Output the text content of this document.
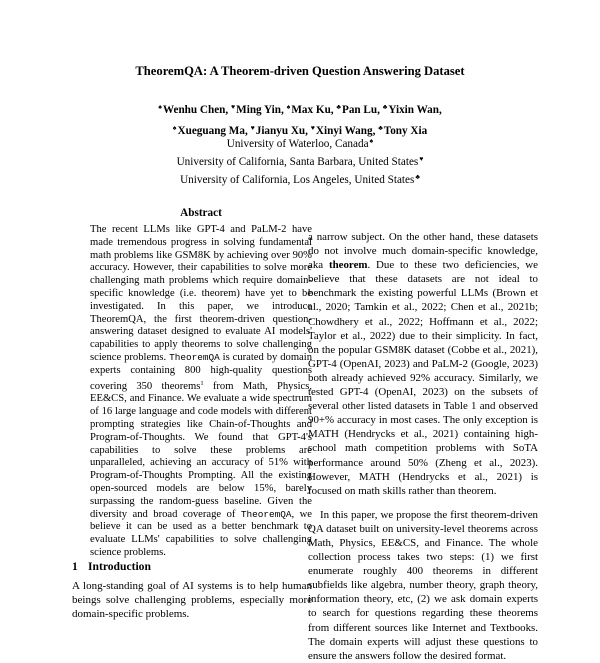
TheoremQA: A Theorem-driven Question Answering Dataset
♠Wenhu Chen, ♥Ming Yin, ♠Max Ku, ♣Pan Lu, ♣Yixin Wan,
♠Xueguang Ma, ♥Jianyu Xu, ♥Xinyi Wang, ♣Tony Xia
University of Waterloo, Canada♠
University of California, Santa Barbara, United States♥
University of California, Los Angeles, United States♣
Abstract
The recent LLMs like GPT-4 and PaLM-2 have made tremendous progress in solving fundamental math problems like GSM8K by achieving over 90% accuracy. However, their capabilities to solve more challenging math problems which require domain-specific knowledge (i.e. theorem) have yet to be investigated. In this paper, we introduce TheoremQA, the first theorem-driven question-answering dataset designed to evaluate AI models' capabilities to apply theorems to solve challenging science problems. TheoremQA is curated by domain experts containing 800 high-quality questions covering 350 theorems$^1$ from Math, Physics, EE&CS, and Finance. We evaluate a wide spectrum of 16 large language and code models with different prompting strategies like Chain-of-Thoughts and Program-of-Thoughts. We found that GPT-4's capabilities to solve these problems are unparalleled, achieving an accuracy of 51% with Program-of-Thoughts Prompting. All the existing open-sourced models are below 15%, barely surpassing the random-guess baseline. Given the diversity and broad coverage of TheoremQA, we believe it can be used as a better benchmark to evaluate LLMs' capabilities to solve challenging science problems.
1 Introduction
A long-standing goal of AI systems is to help human beings solve challenging problems, especially more domain-specific problems.

a narrow subject. On the other hand, these datasets do not involve much domain-specific knowledge, aka theorem. Due to these two deficiencies, we believe that these datasets are not ideal to benchmark the existing powerful LLMs (Brown et al., 2020; Tamkin et al., 2022; Chen et al., 2021b; Chowdhery et al., 2022; Hoffmann et al., 2022; Taylor et al., 2022) due to their simplicity. In fact, on the popular GSM8K dataset (Cobbe et al., 2021), GPT-4 (OpenAI, 2023) and PaLM-2 (Google, 2023) both already achieved 92% accuracy. Similarly, we tested GPT-4 (OpenAI, 2023) on the subsets of several other listed datasets in Table 1 and observed 90+% accuracy in most cases. The only exception is MATH (Hendrycks et al., 2021) containing high-school math competition problems with SoTA performance around 50% (Zheng et al., 2023). However, MATH (Hendrycks et al., 2021) is focused on math skills rather than theorem.

In this paper, we propose the first theorem-driven QA dataset built on university-level theorems across Math, Physics, EE&CS, and Finance. The whole collection process takes two steps: (1) we first enumerate roughly 400 theorems in different subfields like algebra, number theory, graph theory, information theory, etc, (2) we ask domain experts to search for questions regarding these theorems from different sources like Internet and Textbooks. The domain experts will adjust these questions to ensure the answers follow the desired format.
